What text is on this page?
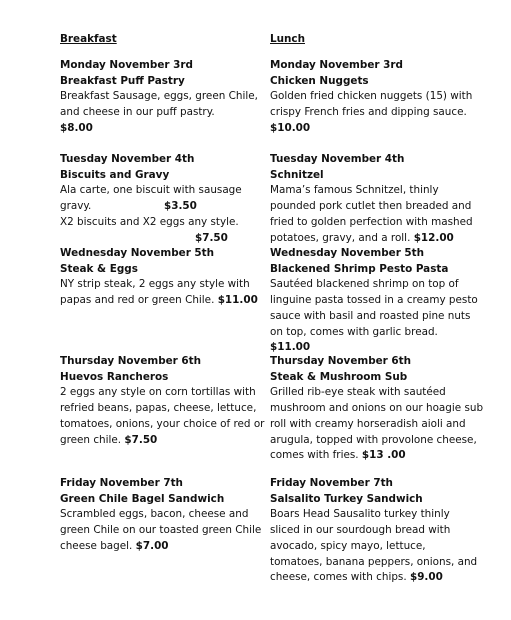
Breakfast
Monday November 3rd
Breakfast Puff Pastry
Breakfast Sausage, eggs, green Chile,
and cheese in our puff pastry.
$8.00
Tuesday November 4th
Biscuits and Gravy
Ala carte, one biscuit with sausage
gravy.	$3.50
X2 biscuits and X2 eggs any style.
$7.50

Wednesday November 5th
Steak & Eggs
NY strip steak, 2 eggs any style with
papas and red or green Chile. $11.00
Thursday November 6th
Huevos Rancheros
2 eggs any style on corn tortillas with
refried beans, papas, cheese, lettuce,
tomatoes, onions, your choice of red or
green chile. $7.50
Friday November 7th
Green Chile Bagel Sandwich
Scrambled eggs, bacon, cheese and
green Chile on our toasted green Chile
cheese bagel. $7.00
Lunch
Monday November 3rd
Chicken Nuggets
Golden fried chicken nuggets (15) with
crispy French fries and dipping sauce.
$10.00
Tuesday November 4th
Schnitzel
Mama’s famous Schnitzel, thinly
pounded pork cutlet then breaded and
fried to golden perfection with mashed
potatoes, gravy, and a roll. $12.00
Wednesday November 5th
Blackened Shrimp Pesto Pasta
Sautéed blackened shrimp on top of
linguine pasta tossed in a creamy pesto
sauce with basil and roasted pine nuts
on top, comes with garlic bread.
$11.00
Thursday November 6th
Steak & Mushroom Sub
Grilled rib-eye steak with sautéed
mushroom and onions on our hoagie sub
roll with creamy horseradish aioli and
arugula, topped with provolone cheese,
comes with fries. $13 .00
Friday November 7th
Salsalito Turkey Sandwich
Boars Head Sausalito turkey thinly
sliced in our sourdough bread with
avocado, spicy mayo, lettuce,
tomatoes, banana peppers, onions, and
cheese, comes with chips. $9.00
